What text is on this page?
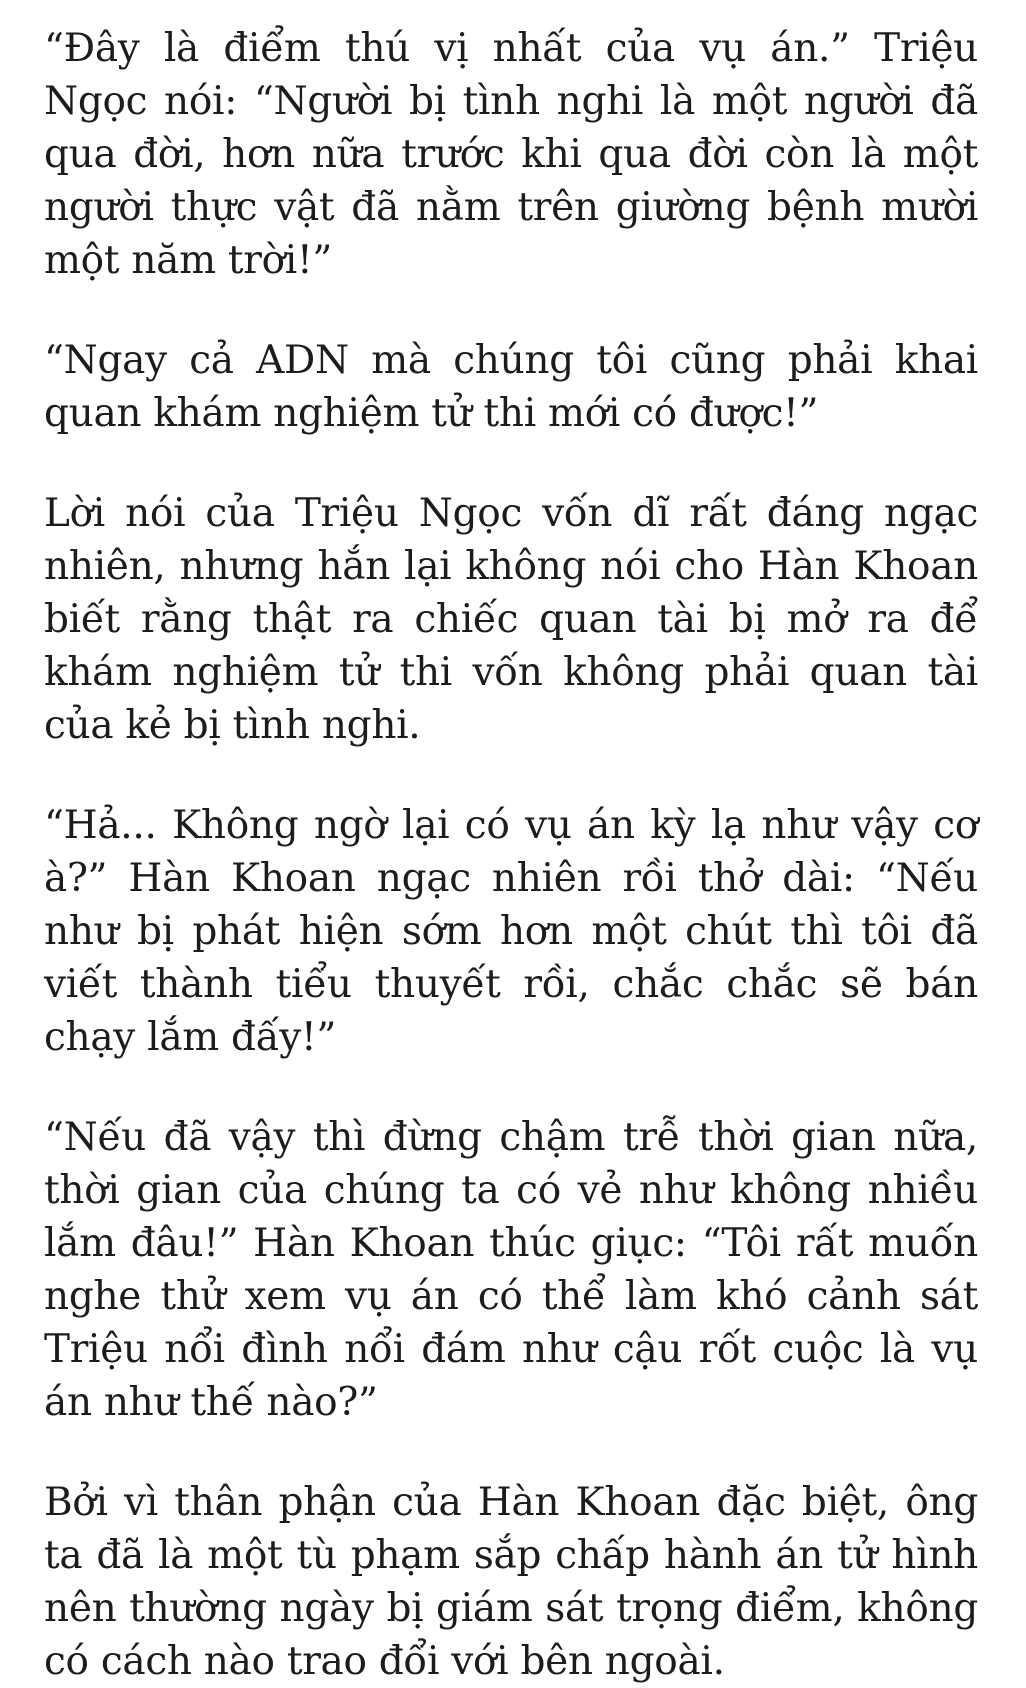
“Đây là điểm thú vị nhất của vụ án.” Triệu Ngọc nói: “Người bị tình nghi là một người đã qua đời, hơn nữa trước khi qua đời còn là một người thực vật đã nằm trên giường bệnh mười một năm trời!”

“Ngay cả ADN mà chúng tôi cũng phải khai quan khám nghiệm tử thi mới có được!”

Lời nói của Triệu Ngọc vốn dĩ rất đáng ngạc nhiên, nhưng hắn lại không nói cho Hàn Khoan biết rằng thật ra chiếc quan tài bị mở ra để khám nghiệm tử thi vốn không phải quan tài của kẻ bị tình nghi.

“Hả... Không ngờ lại có vụ án kỳ lạ như vậy cơ à?” Hàn Khoan ngạc nhiên rồi thở dài: “Nếu như bị phát hiện sớm hơn một chút thì tôi đã viết thành tiểu thuyết rồi, chắc chắc sẽ bán chạy lắm đấy!”

“Nếu đã vậy thì đừng chậm trễ thời gian nữa, thời gian của chúng ta có vẻ như không nhiều lắm đâu!” Hàn Khoan thúc giục: “Tôi rất muốn nghe thử xem vụ án có thể làm khó cảnh sát Triệu nổi đình nổi đám như cậu rốt cuộc là vụ án như thế nào?”

Bởi vì thân phận của Hàn Khoan đặc biệt, ông ta đã là một tù phạm sắp chấp hành án tử hình nên thường ngày bị giám sát trọng điểm, không có cách nào trao đổi với bên ngoài.
